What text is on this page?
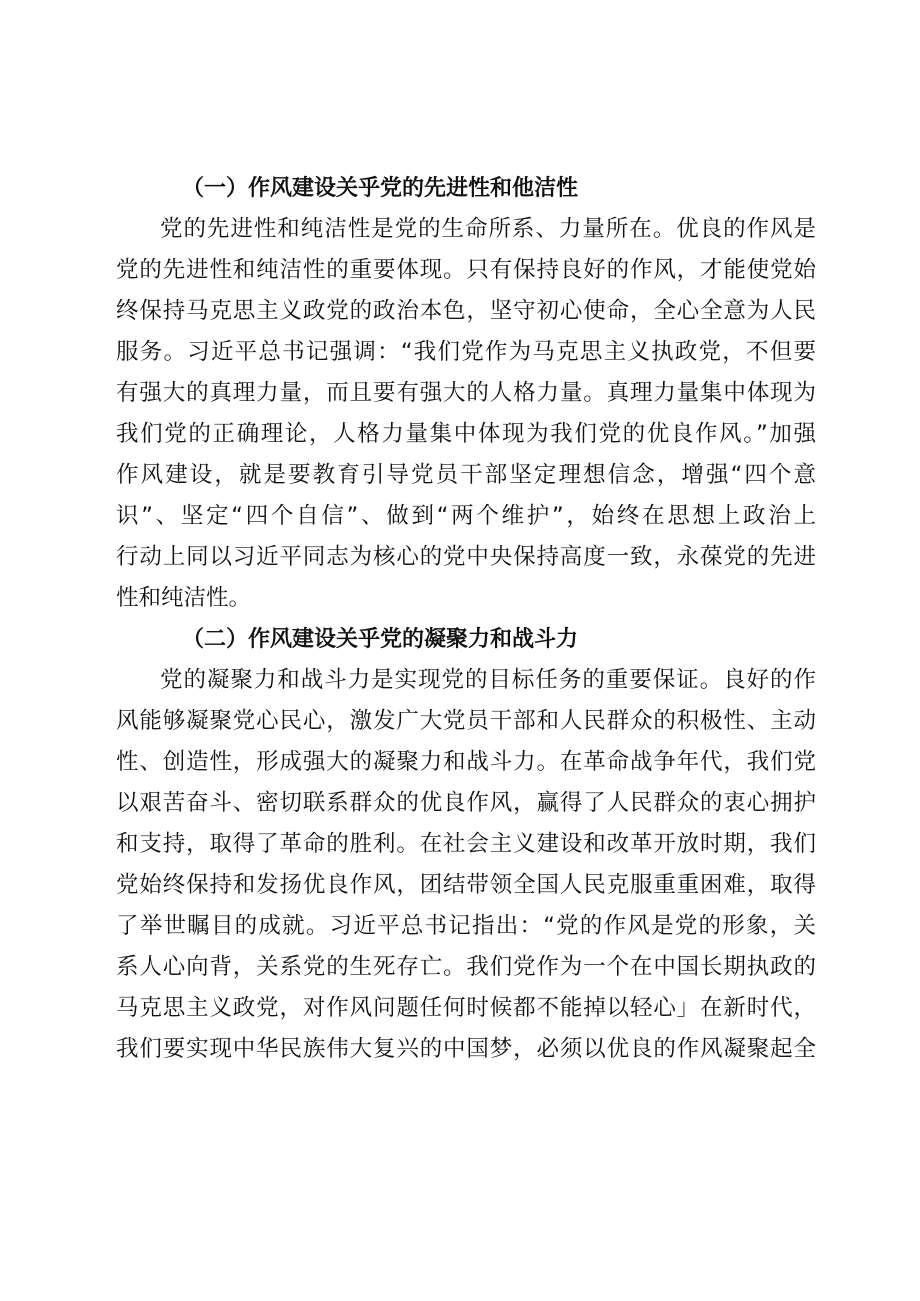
（一）作风建设关乎党的先进性和他洁性
党的先进性和纯洁性是党的生命所系、力量所在。优良的作风是
党的先进性和纯洁性的重要体现。只有保持良好的作风，才能使党始
终保持马克思主义政党的政治本色，坚守初心使命，全心全意为人民
服务。习近平总书记强调：“我们党作为马克思主义执政党，不但要
有强大的真理力量，而且要有强大的人格力量。真理力量集中体现为
我们党的正确理论，人格力量集中体现为我们党的优良作风。”加强
作风建设，就是要教育引导党员干部坚定理想信念，增强“四个意
识”、坚定“四个自信”、做到“两个维护”，始终在思想上政治上
行动上同以习近平同志为核心的党中央保持高度一致，永葆党的先进
性和纯洁性。
（二）作风建设关乎党的凝聚力和战斗力
党的凝聚力和战斗力是实现党的目标任务的重要保证。良好的作
风能够凝聚党心民心，激发广大党员干部和人民群众的积极性、主动
性、创造性，形成强大的凝聚力和战斗力。在革命战争年代，我们党
以艰苦奋斗、密切联系群众的优良作风，赢得了人民群众的衷心拥护
和支持，取得了革命的胜利。在社会主义建设和改革开放时期，我们
党始终保持和发扬优良作风，团结带领全国人民克服重重困难，取得
了举世瞩目的成就。习近平总书记指出：“党的作风是党的形象，关
系人心向背，关系党的生死存亡。我们党作为一个在中国长期执政的
马克思主义政党，对作风问题任何时候都不能掉以轻心」在新时代，
我们要实现中华民族伟大复兴的中国梦，必须以优良的作风凝聚起全
